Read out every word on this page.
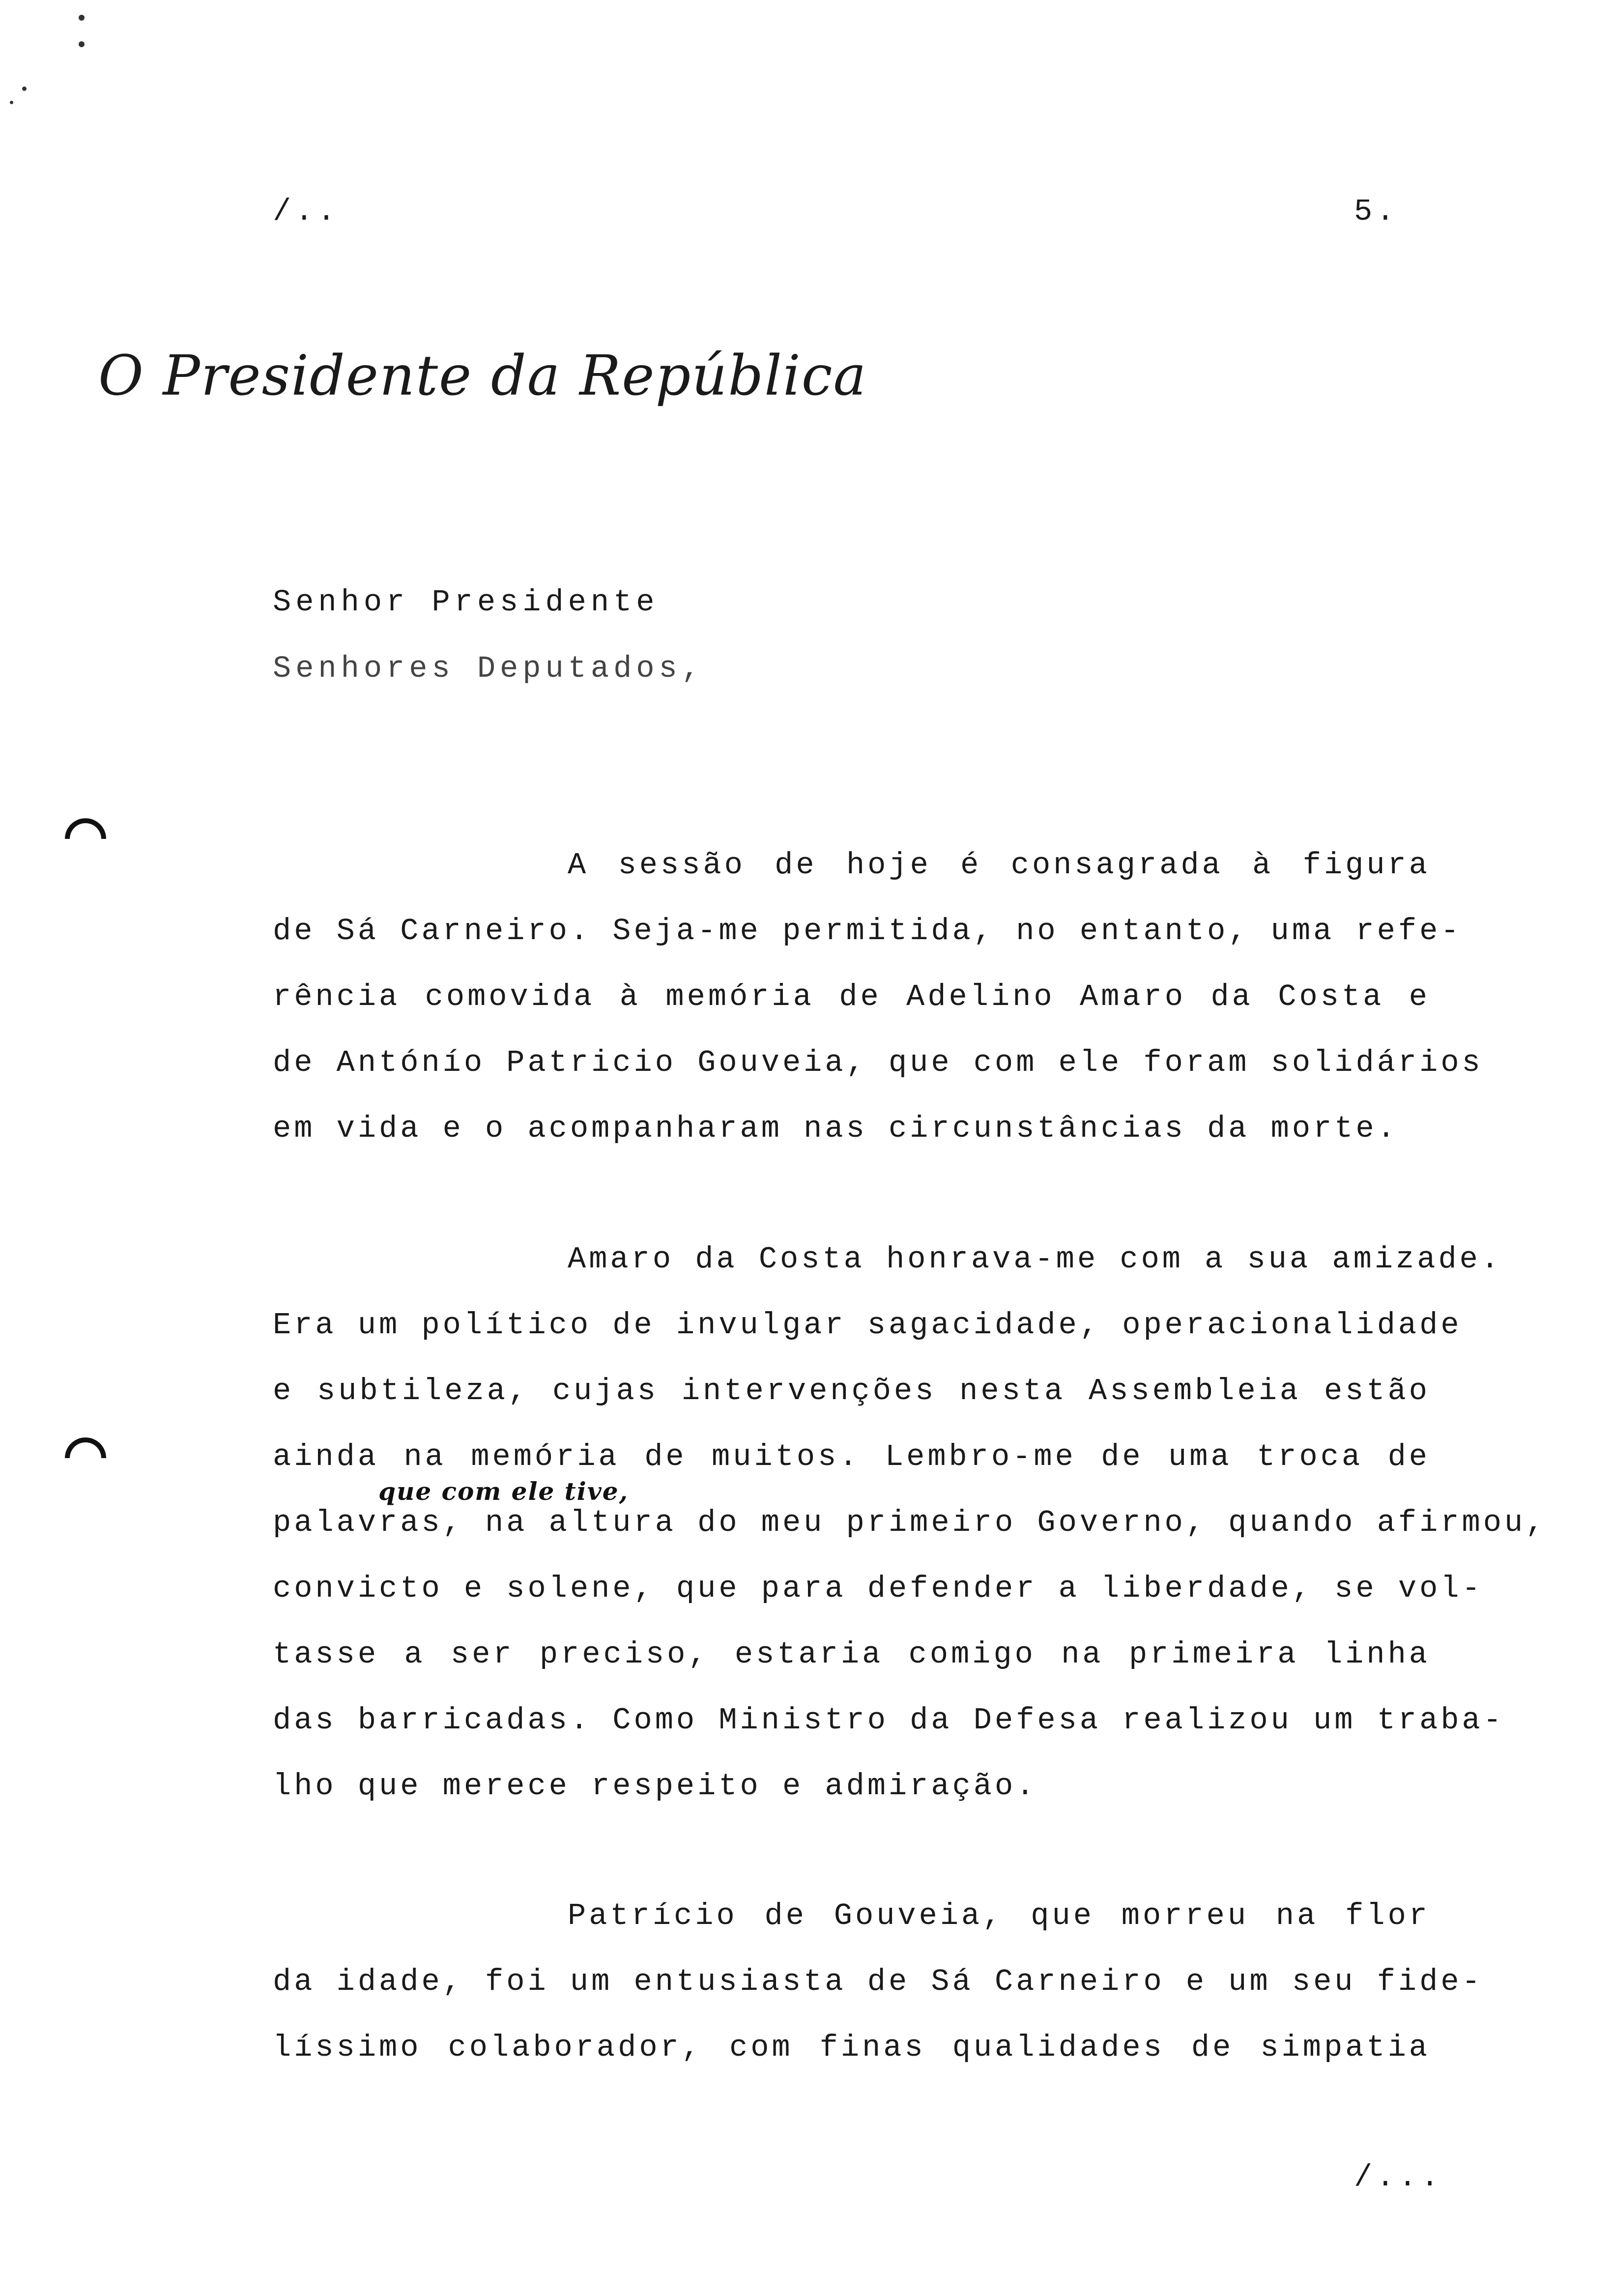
/..	5.
O Presidente da República
Senhor Presidente
Senhores Deputados,
A sessão de hoje é consagrada à figura
de Sá Carneiro. Seja-me permitida, no entanto, uma refe-
rência comovida à memória de Adelino Amaro da Costa e
de Antónío Patricio Gouveia, que com ele foram solidários
em vida e o acompanharam nas circunstâncias da morte.
Amaro da Costa honrava-me com a sua amizade.
Era um político de invulgar sagacidade, operacionalidade
e subtileza, cujas intervenções nesta Assembleia estão
ainda na memória de muitos. Lembro-me de uma troca de
que com ele tive,
palavras, na altura do meu primeiro Governo, quando afirmou,
convicto e solene, que para defender a liberdade, se vol-
tasse a ser preciso, estaria comigo na primeira linha
das barricadas. Como Ministro da Defesa realizou um traba-
lho que merece respeito e admiração.
Patrício de Gouveia, que morreu na flor
da idade, foi um entusiasta de Sá Carneiro e um seu fide-
líssimo colaborador, com finas qualidades de simpatia
/...
